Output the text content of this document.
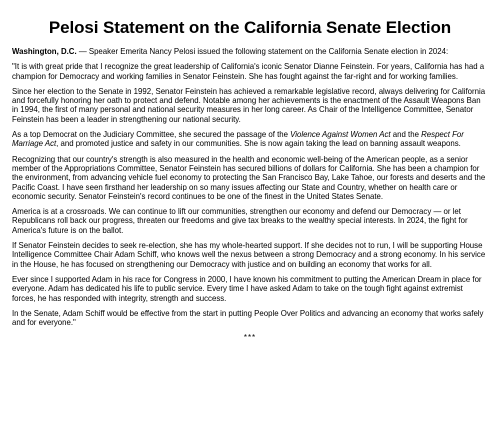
Pelosi Statement on the California Senate Election

Washington, D.C. — Speaker Emerita Nancy Pelosi issued the following statement on the California Senate election in 2024:

"It is with great pride that I recognize the great leadership of California's iconic Senator Dianne Feinstein. For years, California has had a champion for Democracy and working families in Senator Feinstein. She has fought against the far-right and for working families.

Since her election to the Senate in 1992, Senator Feinstein has achieved a remarkable legislative record, always delivering for California and forcefully honoring her oath to protect and defend. Notable among her achievements is the enactment of the Assault Weapons Ban in 1994, the first of many personal and national security measures in her long career. As Chair of the Intelligence Committee, Senator Feinstein has been a leader in strengthening our national security.

As a top Democrat on the Judiciary Committee, she secured the passage of the Violence Against Women Act and the Respect For Marriage Act, and promoted justice and safety in our communities. She is now again taking the lead on banning assault weapons.

Recognizing that our country's strength is also measured in the health and economic well-being of the American people, as a senior member of the Appropriations Committee, Senator Feinstein has secured billions of dollars for California. She has been a champion for the environment, from advancing vehicle fuel economy to protecting the San Francisco Bay, Lake Tahoe, our forests and deserts and the Pacific Coast. I have seen firsthand her leadership on so many issues affecting our State and Country, whether on health care or economic security. Senator Feinstein's record continues to be one of the finest in the United States Senate.

America is at a crossroads. We can continue to lift our communities, strengthen our economy and defend our Democracy — or let Republicans roll back our progress, threaten our freedoms and give tax breaks to the wealthy special interests. In 2024, the fight for America's future is on the ballot.

If Senator Feinstein decides to seek re-election, she has my whole-hearted support. If she decides not to run, I will be supporting House Intelligence Committee Chair Adam Schiff, who knows well the nexus between a strong Democracy and a strong economy. In his service in the House, he has focused on strengthening our Democracy with justice and on building an economy that works for all.

Ever since I supported Adam in his race for Congress in 2000, I have known his commitment to putting the American Dream in place for everyone. Adam has dedicated his life to public service. Every time I have asked Adam to take on the tough fight against extremist forces, he has responded with integrity, strength and success.

In the Senate, Adam Schiff would be effective from the start in putting People Over Politics and advancing an economy that works safely and for everyone."

***
